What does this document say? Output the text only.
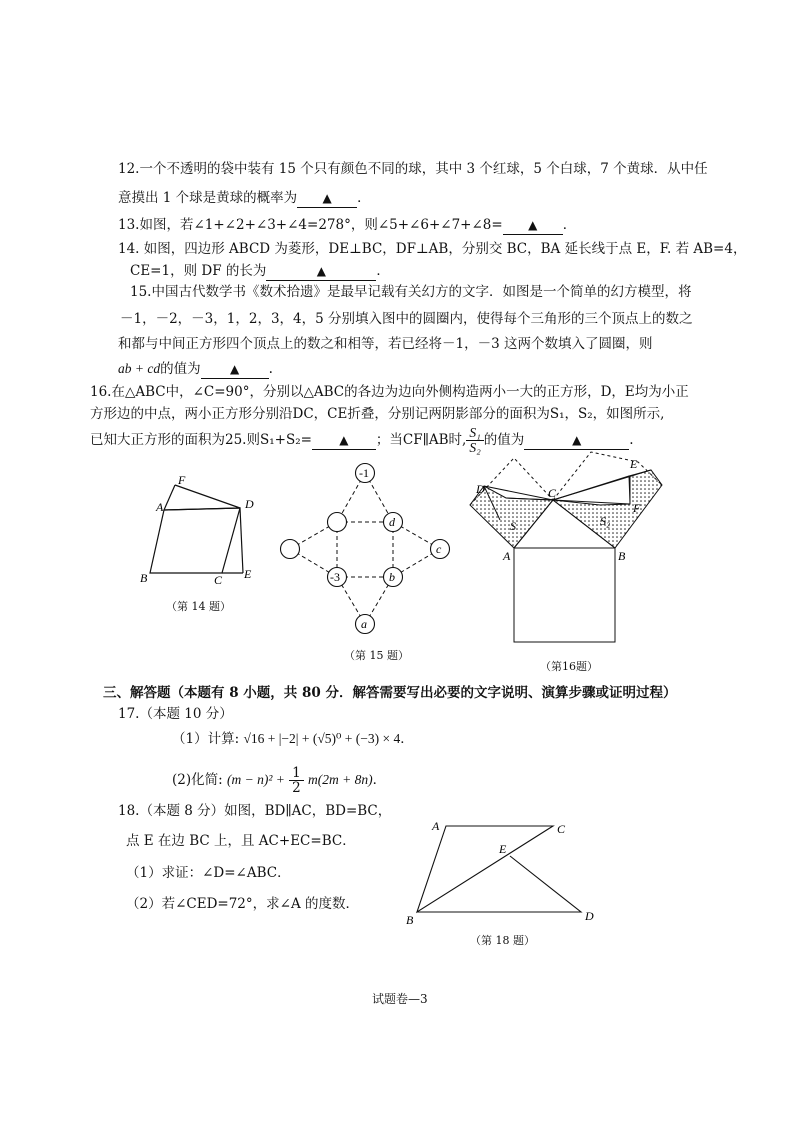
12.一个不透明的袋中装有 15 个只有颜色不同的球，其中 3 个红球，5 个白球，7 个黄球．从中任
意摸出 1 个球是黄球的概率为 ▲ ．
13.如图，若∠1+∠2+∠3+∠4=278°，则∠5+∠6+∠7+∠8= ▲ ．
14. 如图，四边形 ABCD 为菱形，DE⊥BC，DF⊥AB，分别交 BC，BA 延长线于点 E，F. 若 AB=4，
CE=1，则 DF 的长为	▲	．
15.中国古代数学书《数术拾遗》是最早记载有关幻方的文字．如图是一个简单的幻方模型，将
－1，－2，－3，1，2，3，4，5 分别填入图中的圆圈内，使得每个三角形的三个顶点上的数之
和都与中间正方形四个顶点上的数之和相等，若已经将－1，－3 这两个数填入了圆圈，则
ab + cd的值为 ▲ .
16.在△ABC中，∠C=90°，分别以△ABC的各边为边向外侧构造两小一大的正方形，D，E均为小正
方形边的中点，两小正方形分别沿DC，CE折叠，分别记两阴影部分的面积为S₁，S₂，如图所示,
已知大正方形的面积为25.则S₁+S₂= ▲ ；当CF∥AB时, $\frac{\text{S₁}}{\text{S₂}}$ 的值为	▲	.
F
A	D
B	C E
（第 14 题）
-1
d
c
-3	b
a
（第 15 题）
E
D	C
F
S	S₂
A	B
（第16题）
三、解答题（本题有 8 小题，共 80 分．解答需要写出必要的文字说明、演算步骤或证明过程）
17.（本题 10 分）
（1）计算: √16 + |−2| + (√5)⁰ + (−3) × 4．
(2)化简: $(m - n)^2 + \frac{1}{2} m(2m + 8n)$．
18.（本题 8 分）如图，BD∥AC，BD=BC，
点 E 在边 BC 上，且 AC+EC=BC．
（1）求证：∠D=∠ABC．
（2）若∠CED=72°，求∠A 的度数．
A	C
E
B	D
（第 18 题）
试题卷—3
